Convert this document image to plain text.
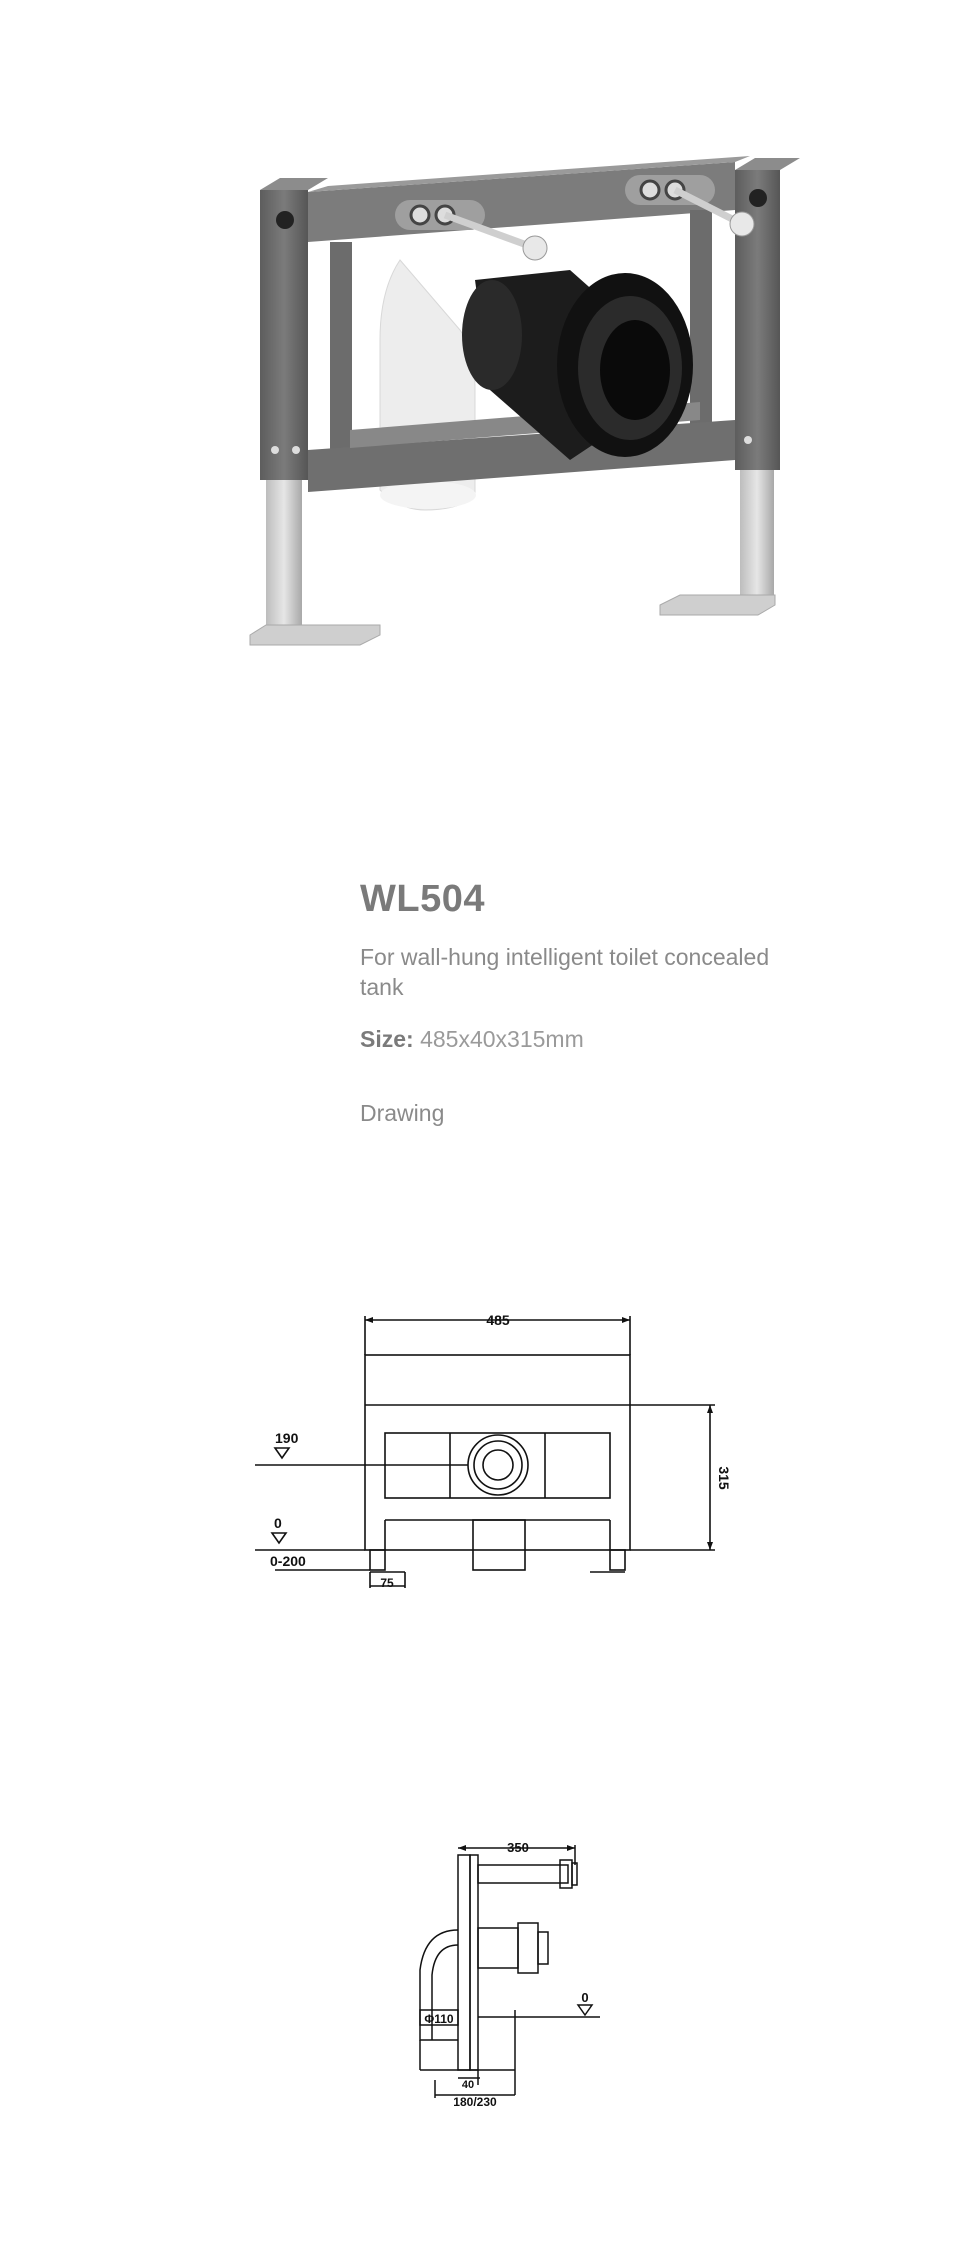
WL504
For wall-hung intelligent toilet concealed tank
Size: 485x40x315mm
Drawing
485
315
190
0
0-200
75
350
Φ110
0
40
180/230
